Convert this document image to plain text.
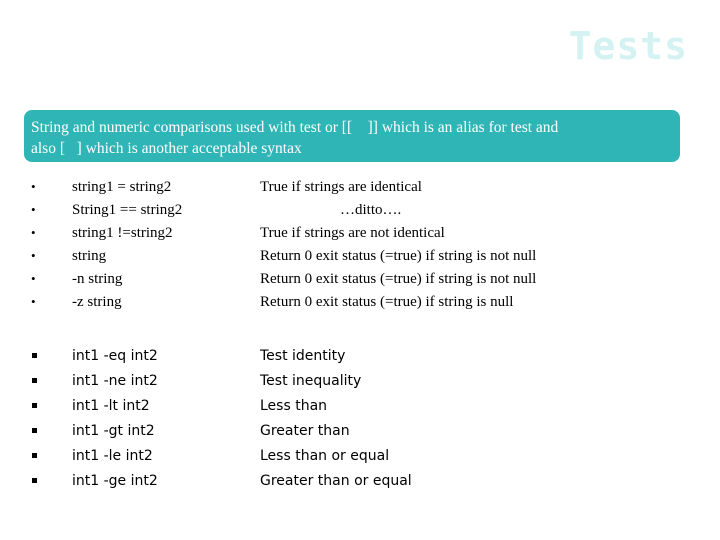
Tests
String and numeric comparisons used with test or [[    ]] which is an alias for test and
also [   ] which is another acceptable syntax
• string1 = string2	True if strings are identical
• String1 == string2	…ditto….
• string1 !=string2	True if strings are not identical
• string	Return 0 exit status (=true) if string is not null
• -n string	Return 0 exit status (=true) if string is not null
• -z string	Return 0 exit status (=true) if string is null
int1 -eq int2	Test identity
int1 -ne int2	Test inequality
int1 -lt int2	Less than
int1 -gt int2	Greater than
int1 -le int2	Less than or equal
int1 -ge int2	Greater than or equal
